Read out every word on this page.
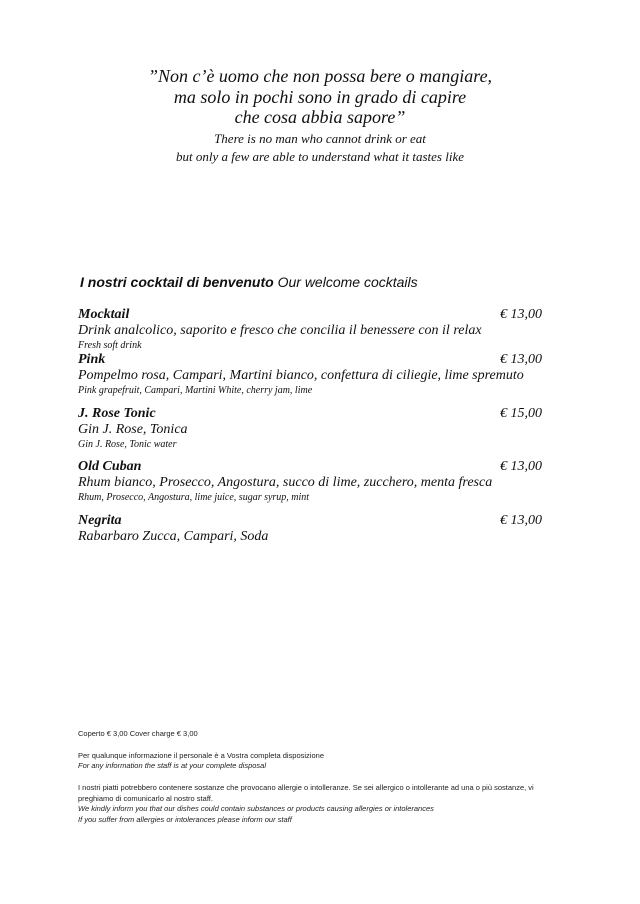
”Non c’è uomo che non possa bere o mangiare,
ma solo in pochi sono in grado di capire
che cosa abbia sapore”
There is no man who cannot drink or eat
but only a few are able to understand what it tastes like
I nostri cocktail di benvenuto Our welcome cocktails
Mocktail	€ 13,00
Drink analcolico, saporito e fresco che concilia il benessere con il relax
Fresh soft drink
Pink	€ 13,00
Pompelmo rosa, Campari, Martini bianco, confettura di ciliegie, lime spremuto
Pink grapefruit, Campari, Martini White, cherry jam, lime
J. Rose Tonic	€ 15,00
Gin J. Rose, Tonica
Gin J. Rose, Tonic water
Old Cuban	€ 13,00
Rhum bianco, Prosecco, Angostura, succo di lime, zucchero, menta fresca
Rhum, Prosecco, Angostura, lime juice, sugar syrup, mint
Negrita	€ 13,00
Rabarbaro Zucca, Campari, Soda
Coperto € 3,00 Cover charge € 3,00
Per qualunque informazione il personale è a Vostra completa disposizione
For any information the staff is at your complete disposal
I nostri piatti potrebbero contenere sostanze che provocano allergie o intolleranze. Se sei allergico o intollerante ad una o più sostanze, vi preghiamo di comunicarlo al nostro staff.
We kindly inform you that our dishes could contain substances or products causing allergies or intolerances
If you suffer from allergies or intolerances please inform our staff
